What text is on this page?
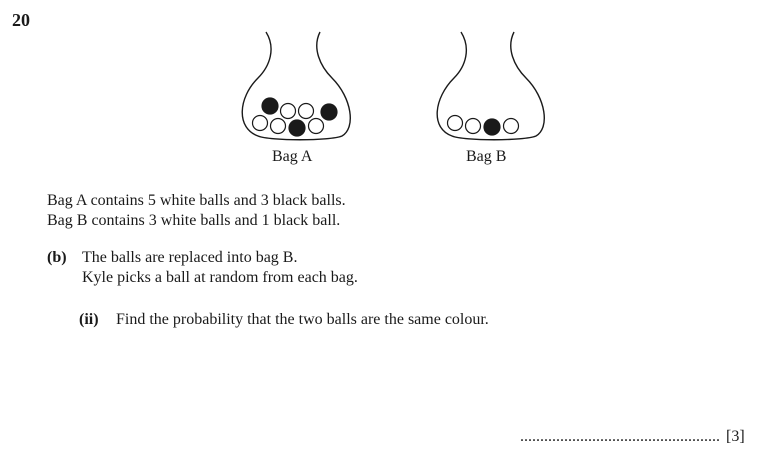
20
Bag A	Bag B
Bag A contains 5 white balls and 3 black balls.
Bag B contains 3 white balls and 1 black ball.
(b) The balls are replaced into bag B.
Kyle picks a ball at random from each bag.
(ii) Find the probability that the two balls are the same colour.
.................................................. [3]
